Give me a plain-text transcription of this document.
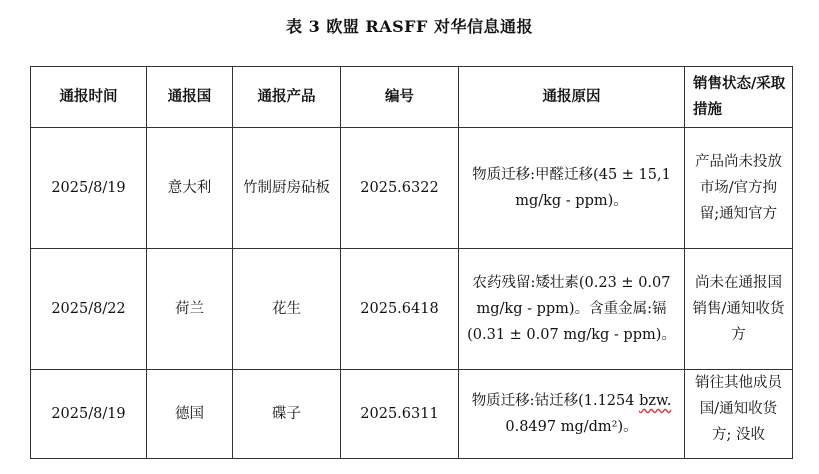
表 3 欧盟 RASFF 对华信息通报
通报时间	通报国	通报产品	编号	通报原因	销售状态/采取措施
2025/8/19	意大利	竹制厨房砧板	2025.6322	物质迁移:甲醛迁移(45 ± 15,1 mg/kg - ppm)。	产品尚未投放市场/官方拘留;通知官方
2025/8/22	荷兰	花生	2025.6418	农药残留:矮壮素(0.23 ± 0.07 mg/kg - ppm)。含重金属:镉(0.31 ± 0.07 mg/kg - ppm)。	尚未在通报国销售/通知收货方
2025/8/19	德国	碟子	2025.6311	物质迁移:钴迁移(1.1254 bzw. 0.8497 mg/dm²)。	销往其他成员国/通知收货方; 没收
